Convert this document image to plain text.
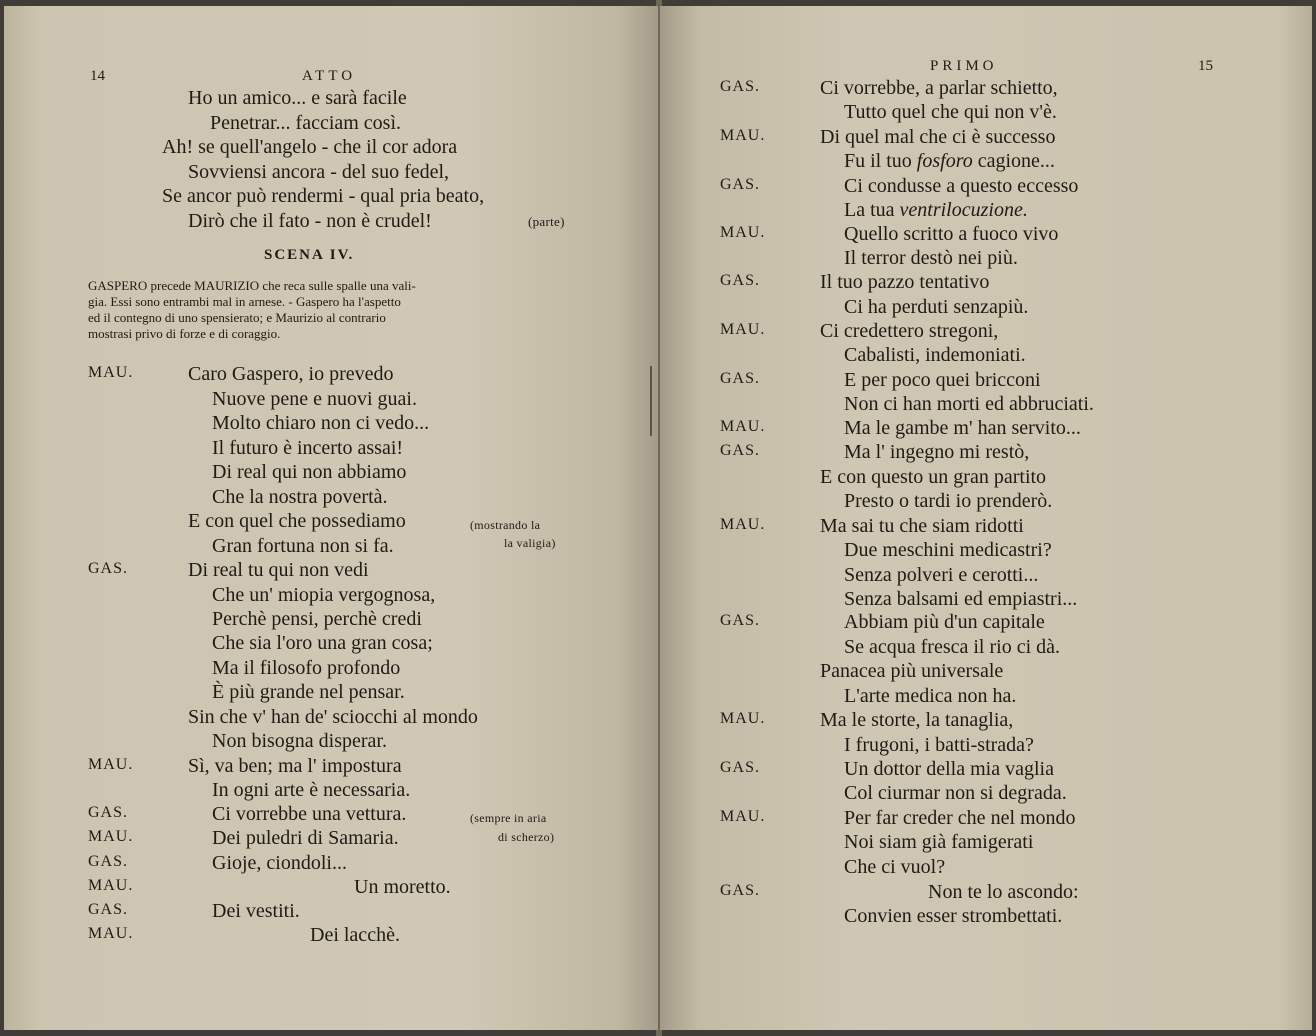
14	ATTO
Ho un amico... e sarà facile
Penetrar... facciam così.
Ah! se quell'angelo - che il cor adora
Sovviensi ancora - del suo fedel,
Se ancor può rendermi - qual pria beato,
Dirò che il fato - non è crudel!	(parte)
SCENA IV.
GASPERO precede MAURIZIO che reca sulle spalle una vali-
gia. Essi sono entrambi mal in arnese. - Gaspero ha l'aspetto
ed il contegno di uno spensierato; e Maurizio al contrario
mostrasi privo di forze e di coraggio.
MAU.	Caro Gaspero, io prevedo
Nuove pene e nuovi guai.
Molto chiaro non ci vedo...
Il futuro è incerto assai!
Di real qui non abbiamo
Che la nostra povertà.
E con quel che possediamo
Gran fortuna non si fa.
(mostrando la
la valigia)
GAS.	Di real tu qui non vedi
Che un' miopia vergognosa,
Perchè pensi, perchè credi
Che sia l'oro una gran cosa;
Ma il filosofo profondo
È più grande nel pensar.
Sin che v' han de' sciocchi al mondo
Non bisogna disperar.
MAU.	Sì, va ben; ma l' impostura
In ogni arte è necessaria.
GAS.	Ci vorrebbe una vettura.	(sempre in aria
MAU.	Dei puledri di Samaria.	di scherzo)
GAS.	Gioje, ciondoli...
MAU.	Un moretto.
GAS.	Dei vestiti.
MAU.	Dei lacchè.
PRIMO	15
GAS.	Ci vorrebbe, a parlar schietto,
Tutto quel che qui non v'è.
MAU.	Di quel mal che ci è successo
Fu il tuo fosforo cagione...
GAS.	Ci condusse a questo eccesso
La tua ventrilocuzione.
MAU.	Quello scritto a fuoco vivo
Il terror destò nei più.
GAS.	Il tuo pazzo tentativo
Ci ha perduti senzapiù.
MAU.	Ci credettero stregoni,
Cabalisti, indemoniati.
GAS.	E per poco quei bricconi
Non ci han morti ed abbruciati.
MAU.	Ma le gambe m' han servito...
GAS.	Ma l' ingegno mi restò,
E con questo un gran partito
Presto o tardi io prenderò.
MAU.	Ma sai tu che siam ridotti
Due meschini medicastri?
Senza polveri e cerotti...
Senza balsami ed empiastri...
GAS.	Abbiam più d'un capitale
Se acqua fresca il rio ci dà.
Panacea più universale
L'arte medica non ha.
MAU.	Ma le storte, la tanaglia,
I frugoni, i batti-strada?
GAS.	Un dottor della mia vaglia
Col ciurmar non si degrada.
MAU.	Per far creder che nel mondo
Noi siam già famigerati
Che ci vuol?
GAS.	Non te lo ascondo:
Convien esser strombettati.
